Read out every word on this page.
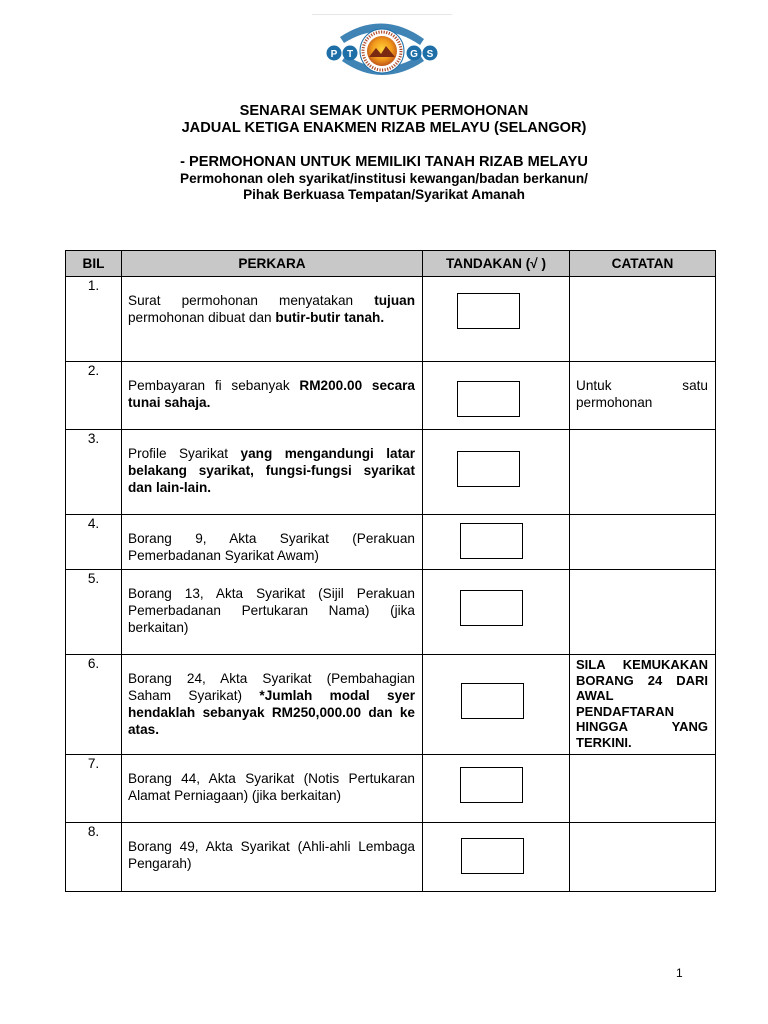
P T	G S
SENARAI SEMAK UNTUK PERMOHONAN
JADUAL KETIGA ENAKMEN RIZAB MELAYU (SELANGOR)
- PERMOHONAN UNTUK MEMILIKI TANAH RIZAB MELAYU
Permohonan oleh syarikat/institusi kewangan/badan berkanun/
Pihak Berkuasa Tempatan/Syarikat Amanah
BIL	PERKARA	TANDAKAN (√ )	CATATAN
1.	Surat permohonan menyatakan tujuan permohonan dibuat dan butir-butir tanah.	

2.	Pembayaran fi sebanyak RM200.00 secara tunai sahaja.		Untuk satu permohonan
3.	Profile Syarikat yang mengandungi latar belakang syarikat, fungsi-fungsi syarikat dan lain-lain.	

4.	Borang 9, Akta Syarikat (Perakuan Pemerbadanan Syarikat Awam)	

5.	Borang 13, Akta Syarikat (Sijil Perakuan Pemerbadanan Pertukaran Nama) (jika berkaitan)	

6.	Borang 24, Akta Syarikat (Pembahagian Saham Syarikat) *Jumlah modal syer hendaklah sebanyak RM250,000.00 dan ke atas.		SILA KEMUKAKAN BORANG 24 DARI AWAL PENDAFTARAN HINGGA YANG TERKINI.
7.	Borang 44, Akta Syarikat (Notis Pertukaran Alamat Perniagaan) (jika berkaitan)	

8.	Borang 49, Akta Syarikat (Ahli-ahli Lembaga Pengarah)	

1
